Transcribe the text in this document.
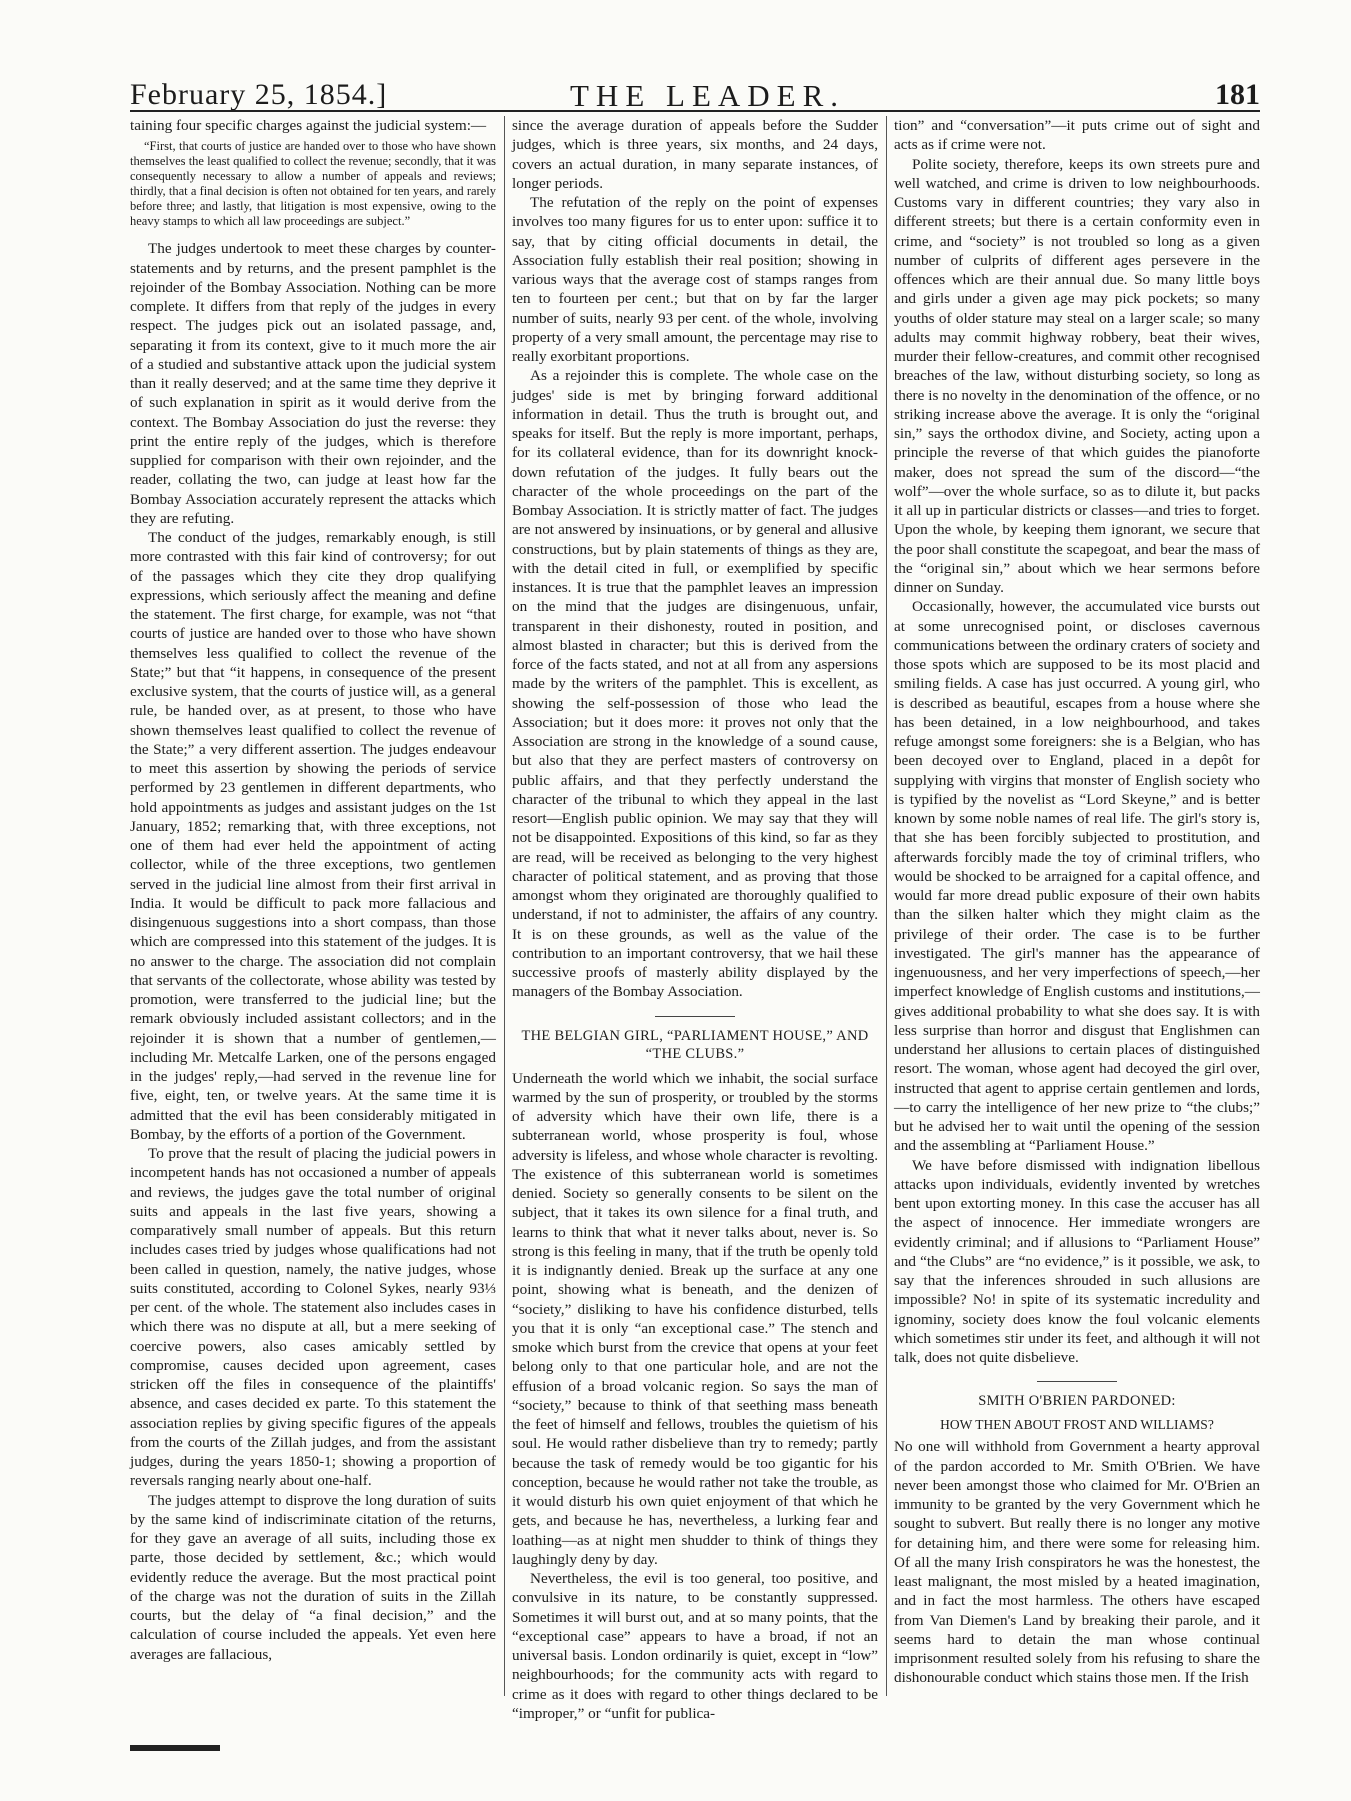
February 25, 1854.]	THE LEADER.	181

taining four specific charges against the judicial system:—

“First, that courts of justice are handed over to those who have shown themselves the least qualified to collect the revenue; secondly, that it was consequently necessary to allow a number of appeals and reviews; thirdly, that a final decision is often not obtained for ten years, and rarely before three; and lastly, that litigation is most expensive, owing to the heavy stamps to which all law proceedings are subject.”

The judges undertook to meet these charges by counter-statements and by returns, and the present pamphlet is the rejoinder of the Bombay Association. Nothing can be more complete. It differs from that reply of the judges in every respect. The judges pick out an isolated passage, and, separating it from its context, give to it much more the air of a studied and substantive attack upon the judicial system than it really deserved; and at the same time they deprive it of such explanation in spirit as it would derive from the context. The Bombay Association do just the reverse: they print the entire reply of the judges, which is therefore supplied for comparison with their own rejoinder, and the reader, collating the two, can judge at least how far the Bombay Association accurately represent the attacks which they are refuting.

The conduct of the judges, remarkably enough, is still more contrasted with this fair kind of controversy; for out of the passages which they cite they drop qualifying expressions, which seriously affect the meaning and define the statement. The first charge, for example, was not “that courts of justice are handed over to those who have shown themselves less qualified to collect the revenue of the State;” but that “it happens, in consequence of the present exclusive system, that the courts of justice will, as a general rule, be handed over, as at present, to those who have shown themselves least qualified to collect the revenue of the State;” a very different assertion. The judges endeavour to meet this assertion by showing the periods of service performed by 23 gentlemen in different departments, who hold appointments as judges and assistant judges on the 1st January, 1852; remarking that, with three exceptions, not one of them had ever held the appointment of acting collector, while of the three exceptions, two gentlemen served in the judicial line almost from their first arrival in India. It would be difficult to pack more fallacious and disingenuous suggestions into a short compass, than those which are compressed into this statement of the judges. It is no answer to the charge. The association did not complain that servants of the collectorate, whose ability was tested by promotion, were transferred to the judicial line; but the remark obviously included assistant collectors; and in the rejoinder it is shown that a number of gentlemen,—including Mr. Metcalfe Larken, one of the persons engaged in the judges' reply,—had served in the revenue line for five, eight, ten, or twelve years. At the same time it is admitted that the evil has been considerably mitigated in Bombay, by the efforts of a portion of the Government.

To prove that the result of placing the judicial powers in incompetent hands has not occasioned a number of appeals and reviews, the judges gave the total number of original suits and appeals in the last five years, showing a comparatively small number of appeals. But this return includes cases tried by judges whose qualifications had not been called in question, namely, the native judges, whose suits constituted, according to Colonel Sykes, nearly 93⅓ per cent. of the whole. The statement also includes cases in which there was no dispute at all, but a mere seeking of coercive powers, also cases amicably settled by compromise, causes decided upon agreement, cases stricken off the files in consequence of the plaintiffs' absence, and cases decided ex parte. To this statement the association replies by giving specific figures of the appeals from the courts of the Zillah judges, and from the assistant judges, during the years 1850-1; showing a proportion of reversals ranging nearly about one-half.

The judges attempt to disprove the long duration of suits by the same kind of indiscriminate citation of the returns, for they gave an average of all suits, including those ex parte, those decided by settlement, &c.; which would evidently reduce the average. But the most practical point of the charge was not the duration of suits in the Zillah courts, but the delay of “a final decision,” and the calculation of course included the appeals. Yet even here averages are fallacious,

since the average duration of appeals before the Sudder judges, which is three years, six months, and 24 days, covers an actual duration, in many separate instances, of longer periods.

The refutation of the reply on the point of expenses involves too many figures for us to enter upon: suffice it to say, that by citing official documents in detail, the Association fully establish their real position; showing in various ways that the average cost of stamps ranges from ten to fourteen per cent.; but that on by far the larger number of suits, nearly 93 per cent. of the whole, involving property of a very small amount, the percentage may rise to really exorbitant proportions.

As a rejoinder this is complete. The whole case on the judges' side is met by bringing forward additional information in detail. Thus the truth is brought out, and speaks for itself. But the reply is more important, perhaps, for its collateral evidence, than for its downright knock-down refutation of the judges. It fully bears out the character of the whole proceedings on the part of the Bombay Association. It is strictly matter of fact. The judges are not answered by insinuations, or by general and allusive constructions, but by plain statements of things as they are, with the detail cited in full, or exemplified by specific instances. It is true that the pamphlet leaves an impression on the mind that the judges are disingenuous, unfair, transparent in their dishonesty, routed in position, and almost blasted in character; but this is derived from the force of the facts stated, and not at all from any aspersions made by the writers of the pamphlet. This is excellent, as showing the self-possession of those who lead the Association; but it does more: it proves not only that the Association are strong in the knowledge of a sound cause, but also that they are perfect masters of controversy on public affairs, and that they perfectly understand the character of the tribunal to which they appeal in the last resort—English public opinion. We may say that they will not be disappointed. Expositions of this kind, so far as they are read, will be received as belonging to the very highest character of political statement, and as proving that those amongst whom they originated are thoroughly qualified to understand, if not to administer, the affairs of any country. It is on these grounds, as well as the value of the contribution to an important controversy, that we hail these successive proofs of masterly ability displayed by the managers of the Bombay Association.

THE BELGIAN GIRL, “PARLIAMENT HOUSE,” AND “THE CLUBS.”

Underneath the world which we inhabit, the social surface warmed by the sun of prosperity, or troubled by the storms of adversity which have their own life, there is a subterranean world, whose prosperity is foul, whose adversity is lifeless, and whose whole character is revolting. The existence of this subterranean world is sometimes denied. Society so generally consents to be silent on the subject, that it takes its own silence for a final truth, and learns to think that what it never talks about, never is. So strong is this feeling in many, that if the truth be openly told it is indignantly denied. Break up the surface at any one point, showing what is beneath, and the denizen of “society,” disliking to have his confidence disturbed, tells you that it is only “an exceptional case.” The stench and smoke which burst from the crevice that opens at your feet belong only to that one particular hole, and are not the effusion of a broad volcanic region. So says the man of “society,” because to think of that seething mass beneath the feet of himself and fellows, troubles the quietism of his soul. He would rather disbelieve than try to remedy; partly because the task of remedy would be too gigantic for his conception, because he would rather not take the trouble, as it would disturb his own quiet enjoyment of that which he gets, and because he has, nevertheless, a lurking fear and loathing—as at night men shudder to think of things they laughingly deny by day.

Nevertheless, the evil is too general, too positive, and convulsive in its nature, to be constantly suppressed. Sometimes it will burst out, and at so many points, that the “exceptional case” appears to have a broad, if not an universal basis. London ordinarily is quiet, except in “low” neighbourhoods; for the community acts with regard to crime as it does with regard to other things declared to be “improper,” or “unfit for publica-

tion” and “conversation”—it puts crime out of sight and acts as if crime were not.

Polite society, therefore, keeps its own streets pure and well watched, and crime is driven to low neighbourhoods. Customs vary in different countries; they vary also in different streets; but there is a certain conformity even in crime, and “society” is not troubled so long as a given number of culprits of different ages persevere in the offences which are their annual due. So many little boys and girls under a given age may pick pockets; so many youths of older stature may steal on a larger scale; so many adults may commit highway robbery, beat their wives, murder their fellow-creatures, and commit other recognised breaches of the law, without disturbing society, so long as there is no novelty in the denomination of the offence, or no striking increase above the average. It is only the “original sin,” says the orthodox divine, and Society, acting upon a principle the reverse of that which guides the pianoforte maker, does not spread the sum of the discord—“the wolf”—over the whole surface, so as to dilute it, but packs it all up in particular districts or classes—and tries to forget. Upon the whole, by keeping them ignorant, we secure that the poor shall constitute the scapegoat, and bear the mass of the “original sin,” about which we hear sermons before dinner on Sunday.

Occasionally, however, the accumulated vice bursts out at some unrecognised point, or discloses cavernous communications between the ordinary craters of society and those spots which are supposed to be its most placid and smiling fields. A case has just occurred. A young girl, who is described as beautiful, escapes from a house where she has been detained, in a low neighbourhood, and takes refuge amongst some foreigners: she is a Belgian, who has been decoyed over to England, placed in a depôt for supplying with virgins that monster of English society who is typified by the novelist as “Lord Skeyne,” and is better known by some noble names of real life. The girl's story is, that she has been forcibly subjected to prostitution, and afterwards forcibly made the toy of criminal triflers, who would be shocked to be arraigned for a capital offence, and would far more dread public exposure of their own habits than the silken halter which they might claim as the privilege of their order. The case is to be further investigated. The girl's manner has the appearance of ingenuousness, and her very imperfections of speech,—her imperfect knowledge of English customs and institutions,—gives additional probability to what she does say. It is with less surprise than horror and disgust that Englishmen can understand her allusions to certain places of distinguished resort. The woman, whose agent had decoyed the girl over, instructed that agent to apprise certain gentlemen and lords,—to carry the intelligence of her new prize to “the clubs;” but he advised her to wait until the opening of the session and the assembling at “Parliament House.”

We have before dismissed with indignation libellous attacks upon individuals, evidently invented by wretches bent upon extorting money. In this case the accuser has all the aspect of innocence. Her immediate wrongers are evidently criminal; and if allusions to “Parliament House” and “the Clubs” are “no evidence,” is it possible, we ask, to say that the inferences shrouded in such allusions are impossible? No! in spite of its systematic incredulity and ignominy, society does know the foul volcanic elements which sometimes stir under its feet, and although it will not talk, does not quite disbelieve.

SMITH O'BRIEN PARDONED:
HOW THEN ABOUT FROST AND WILLIAMS?

No one will withhold from Government a hearty approval of the pardon accorded to Mr. Smith O'Brien. We have never been amongst those who claimed for Mr. O'Brien an immunity to be granted by the very Government which he sought to subvert. But really there is no longer any motive for detaining him, and there were some for releasing him. Of all the many Irish conspirators he was the honestest, the least malignant, the most misled by a heated imagination, and in fact the most harmless. The others have escaped from Van Diemen's Land by breaking their parole, and it seems hard to detain the man whose continual imprisonment resulted solely from his refusing to share the dishonourable conduct which stains those men. If the Irish
